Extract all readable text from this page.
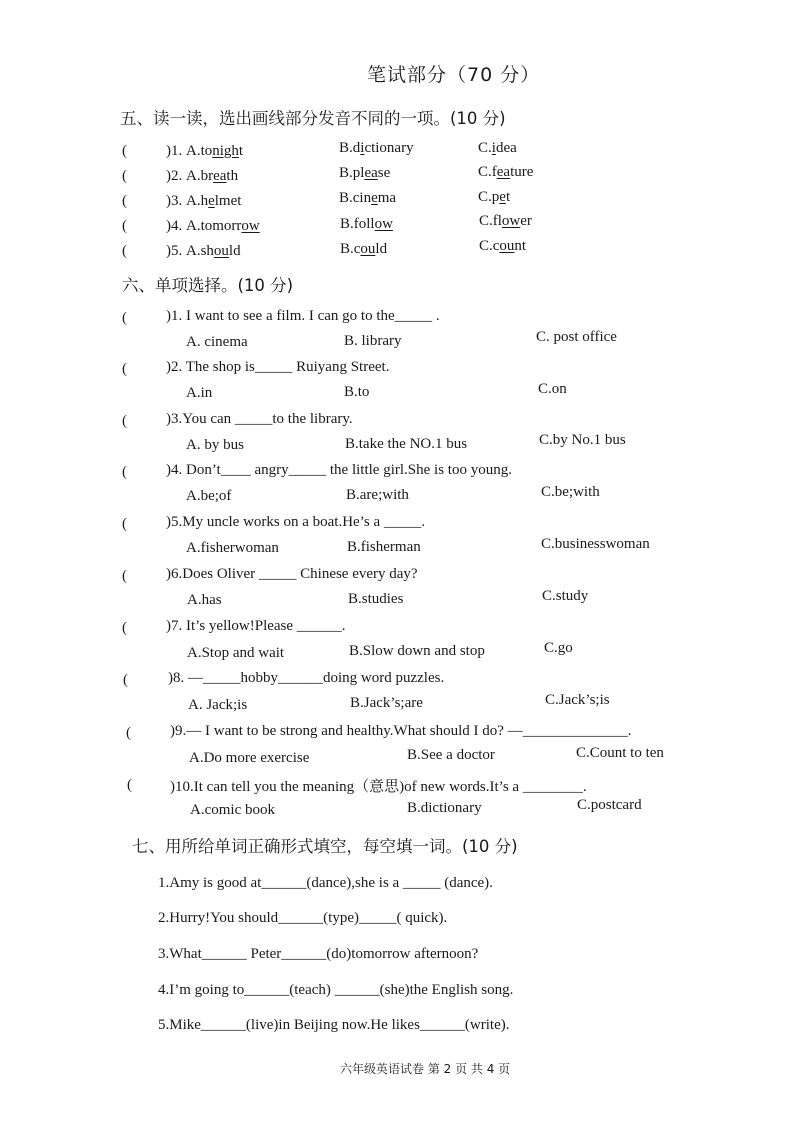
笔试部分（70 分）
五、读一读，选出画线部分发音不同的一项。(10 分)
(	)1. A.tonight	B.dictionary	C.idea
(	)2. A.breath	B.please	C.feature
(	)3. A.helmet	B.cinema	C.pet
(	)4. A.tomorrow	B.follow	C.flower
(	)5. A.should	B.could	C.count
六、单项选择。(10 分)
(	)1. I want to see a film. I can go to the_____ .
A. cinema	B. library	C. post office
(	)2. The shop is_____ Ruiyang Street.
A.in	B.to	C.on
(	)3.You can _____to the library.
A. by bus	B.take the NO.1 bus	C.by No.1 bus
(	)4. Don’t____ angry_____ the little girl.She is too young.
A.be;of	B.are;with	C.be;with
(	)5.My uncle works on a boat.He’s a _____.
A.fisherwoman	B.fisherman	C.businesswoman
(	)6.Does Oliver _____ Chinese every day?
A.has	B.studies	C.study
(	)7. It’s yellow!Please ______.
A.Stop and wait	B.Slow down and stop	C.go
(	)8. —_____hobby______doing word puzzles.
A. Jack;is	B.Jack’s;are	C.Jack’s;is
(	)9.— I want to be strong and healthy.What should I do? —______________.
A.Do more exercise	B.See a doctor	C.Count to ten
(	)10.It can tell you the meaning（意思)of new words.It’s a ________.
A.comic book	B.dictionary	C.postcard
七、用所给单词正确形式填空，每空填一词。(10 分)
1.Amy is good at______(dance),she is a _____ (dance).
2.Hurry!You should______(type)_____( quick).
3.What______ Peter______(do)tomorrow afternoon?
4.I’m going to______(teach) ______(she)the English song.
5.Mike______(live)in Beijing now.He likes______(write).
六年级英语试卷 第 2 页 共 4 页
